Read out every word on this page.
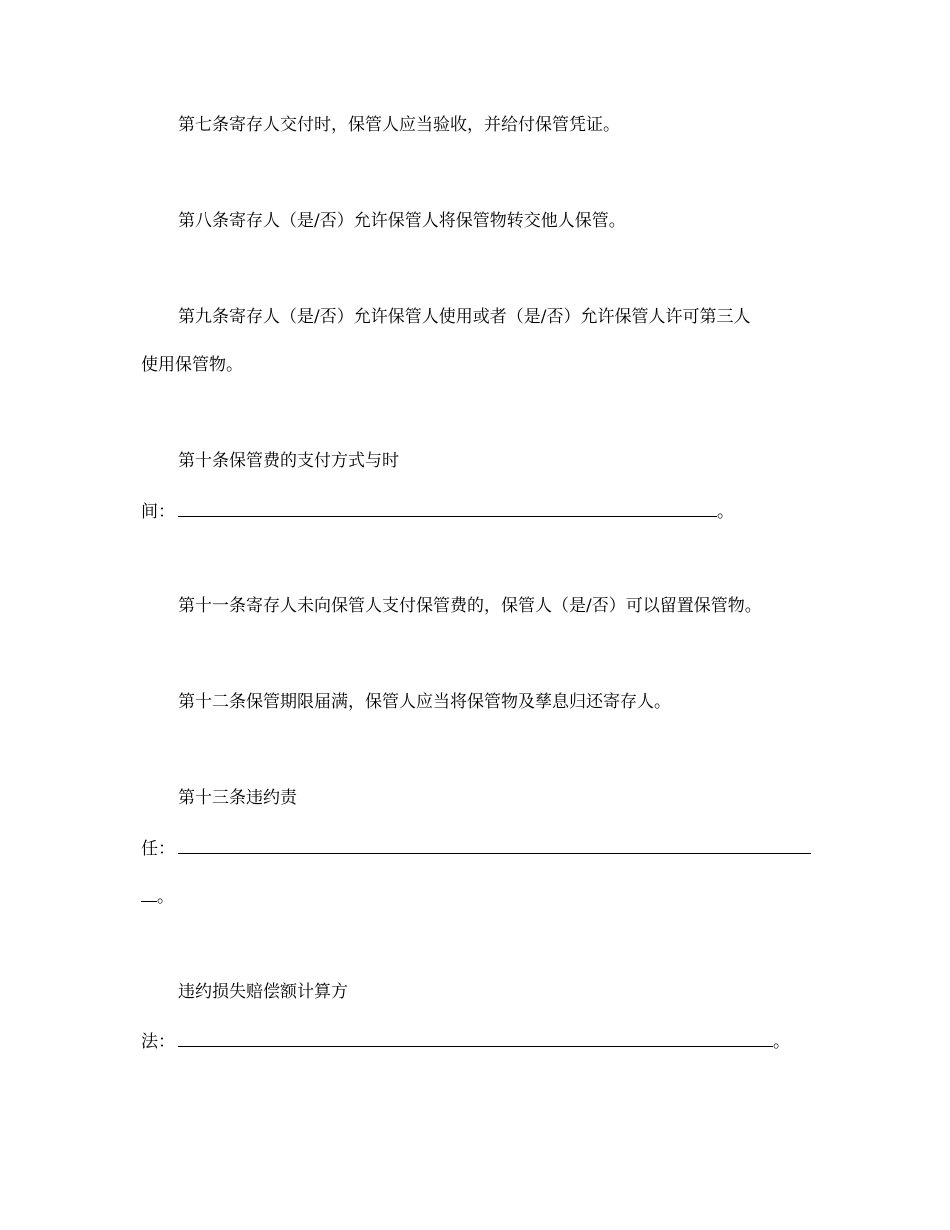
第七条寄存人交付时，保管人应当验收，并给付保管凭证。
第八条寄存人（是/否）允许保管人将保管物转交他人保管。
第九条寄存人（是/否）允许保管人使用或者（是/否）允许保管人许可第三人
使用保管物。
第十条保管费的支付方式与时
间：	。
第十一条寄存人未向保管人支付保管费的，保管人（是/否）可以留置保管物。
第十二条保管期限届满，保管人应当将保管物及孳息归还寄存人。
第十三条违约责
任：
。
违约损失赔偿额计算方
法：	。
